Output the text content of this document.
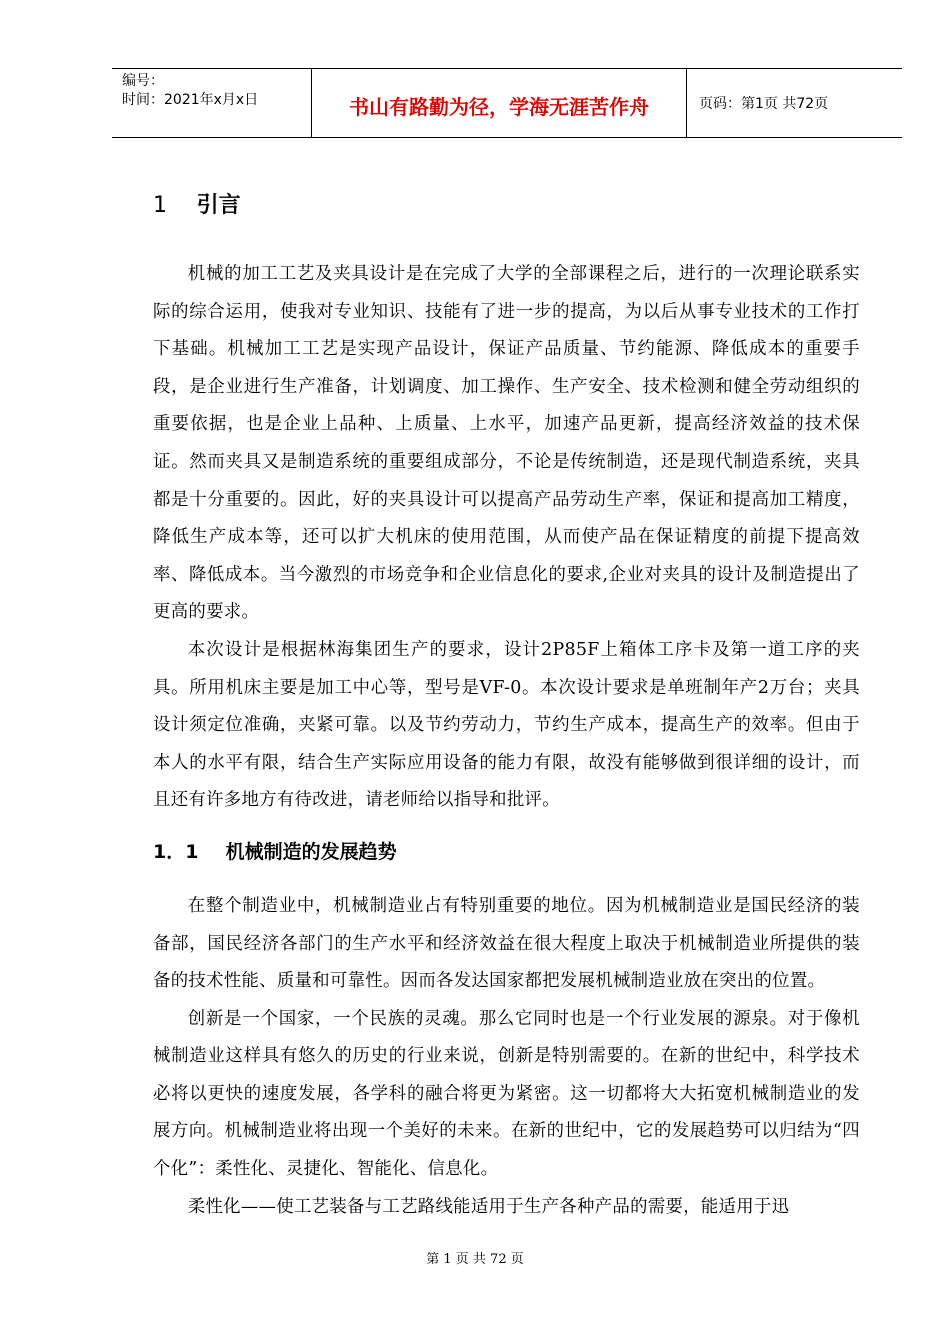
编号：
时间：2021年x月x日	书山有路勤为径，学海无涯苦作舟	页码：第1页 共72页
1 引言

机械的加工工艺及夹具设计是在完成了大学的全部课程之后，进行的一次理论联系实际的综合运用，使我对专业知识、技能有了进一步的提高，为以后从事专业技术的工作打下基础。机械加工工艺是实现产品设计，保证产品质量、节约能源、降低成本的重要手段，是企业进行生产准备，计划调度、加工操作、生产安全、技术检测和健全劳动组织的重要依据，也是企业上品种、上质量、上水平，加速产品更新，提高经济效益的技术保证。然而夹具又是制造系统的重要组成部分，不论是传统制造，还是现代制造系统，夹具都是十分重要的。因此，好的夹具设计可以提高产品劳动生产率，保证和提高加工精度，降低生产成本等，还可以扩大机床的使用范围，从而使产品在保证精度的前提下提高效率、降低成本。当今激烈的市场竞争和企业信息化的要求,企业对夹具的设计及制造提出了更高的要求。

本次设计是根据林海集团生产的要求，设计2P85F上箱体工序卡及第一道工序的夹具。所用机床主要是加工中心等，型号是VF-0。本次设计要求是单班制年产2万台；夹具设计须定位准确，夹紧可靠。以及节约劳动力，节约生产成本，提高生产的效率。但由于本人的水平有限，结合生产实际应用设备的能力有限，故没有能够做到很详细的设计，而且还有许多地方有待改进，请老师给以指导和批评。

1．1 机械制造的发展趋势

在整个制造业中，机械制造业占有特别重要的地位。因为机械制造业是国民经济的装备部，国民经济各部门的生产水平和经济效益在很大程度上取决于机械制造业所提供的装备的技术性能、质量和可靠性。因而各发达国家都把发展机械制造业放在突出的位置。

创新是一个国家，一个民族的灵魂。那么它同时也是一个行业发展的源泉。对于像机械制造业这样具有悠久的历史的行业来说，创新是特别需要的。在新的世纪中，科学技术必将以更快的速度发展，各学科的融合将更为紧密。这一切都将大大拓宽机械制造业的发展方向。机械制造业将出现一个美好的未来。在新的世纪中，它的发展趋势可以归结为“四个化”：柔性化、灵捷化、智能化、信息化。

柔性化——使工艺装备与工艺路线能适用于生产各种产品的需要，能适用于迅

第 1 页 共 72 页
